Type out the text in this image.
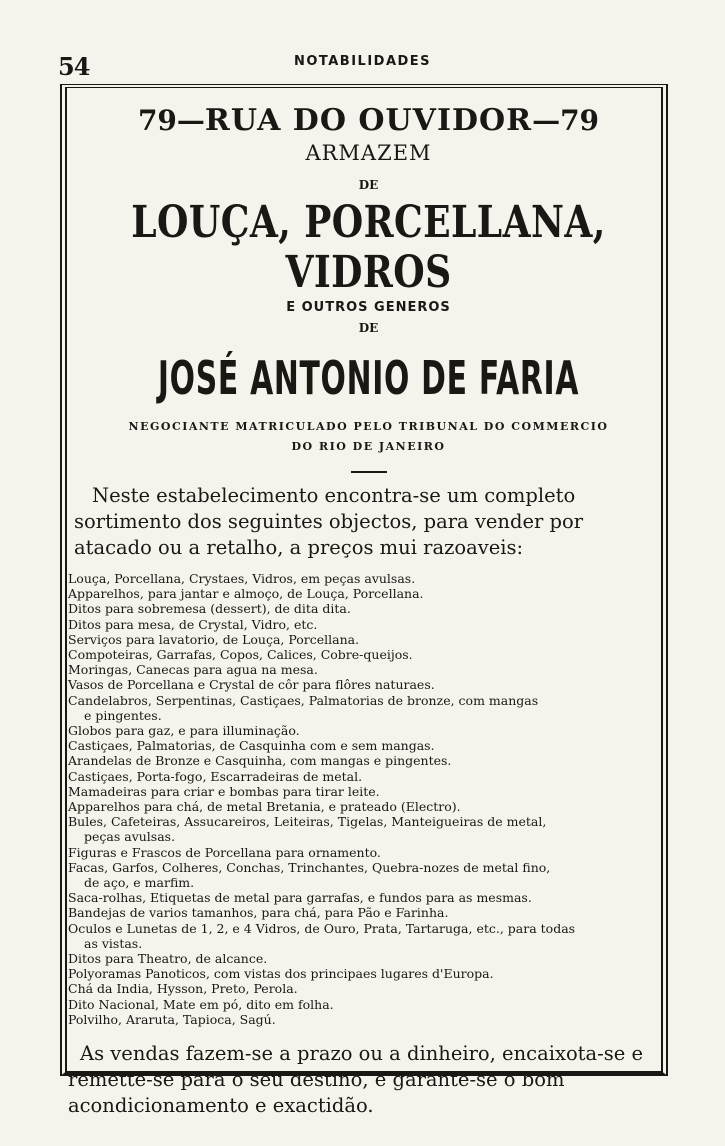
54	NOTABILIDADES
79—RUA DO OUVIDOR—79
ARMAZEM
DE
LOUÇA, PORCELLANA, VIDROS
E OUTROS GENEROS
DE
JOSÉ ANTONIO DE FARIA
NEGOCIANTE MATRICULADO PELO TRIBUNAL DO COMMERCIO
DO RIO DE JANEIRO

Neste estabelecimento encontra-se um completo sortimento dos seguintes objectos, para vender por atacado ou a retalho, a preços mui razoaveis:

Louça, Porcellana, Crystaes, Vidros, em peças avulsas.
Apparelhos, para jantar e almoço, de Louça, Porcellana.
Ditos para sobremesa (dessert), de dita dita.
Ditos para mesa, de Crystal, Vidro, etc.
Serviços para lavatorio, de Louça, Porcellana.
Compoteiras, Garrafas, Copos, Calices, Cobre-queijos.
Moringas, Canecas para agua na mesa.
Vasos de Porcellana e Crystal de côr para flôres naturaes.
Candelabros, Serpentinas, Castiçaes, Palmatorias de bronze, com mangas
e pingentes.
Globos para gaz, e para illuminação.
Castiçaes, Palmatorias, de Casquinha com e sem mangas.
Arandelas de Bronze e Casquinha, com mangas e pingentes.
Castiçaes, Porta-fogo, Escarradeiras de metal.
Mamadeiras para criar e bombas para tirar leite.
Apparelhos para chá, de metal Bretania, e prateado (Electro).
Bules, Cafeteiras, Assucareiros, Leiteiras, Tigelas, Manteigueiras de metal,
peças avulsas.
Figuras e Frascos de Porcellana para ornamento.
Facas, Garfos, Colheres, Conchas, Trinchantes, Quebra-nozes de metal fino,
de aço, e marfim.
Saca-rolhas, Etiquetas de metal para garrafas, e fundos para as mesmas.
Bandejas de varios tamanhos, para chá, para Pão e Farinha.
Oculos e Lunetas de 1, 2, e 4 Vidros, de Ouro, Prata, Tartaruga, etc., para todas
as vistas.
Ditos para Theatro, de alcance.
Polyoramas Panoticos, com vistas dos principaes lugares d'Europa.
Chá da India, Hysson, Preto, Perola.
Dito Nacional, Mate em pó, dito em folha.
Polvilho, Araruta, Tapioca, Sagú.

As vendas fazem-se a prazo ou a dinheiro, encaixota-se e remette-se para o seu destino, e garante-se o bom acondicionamento e exactidão.
